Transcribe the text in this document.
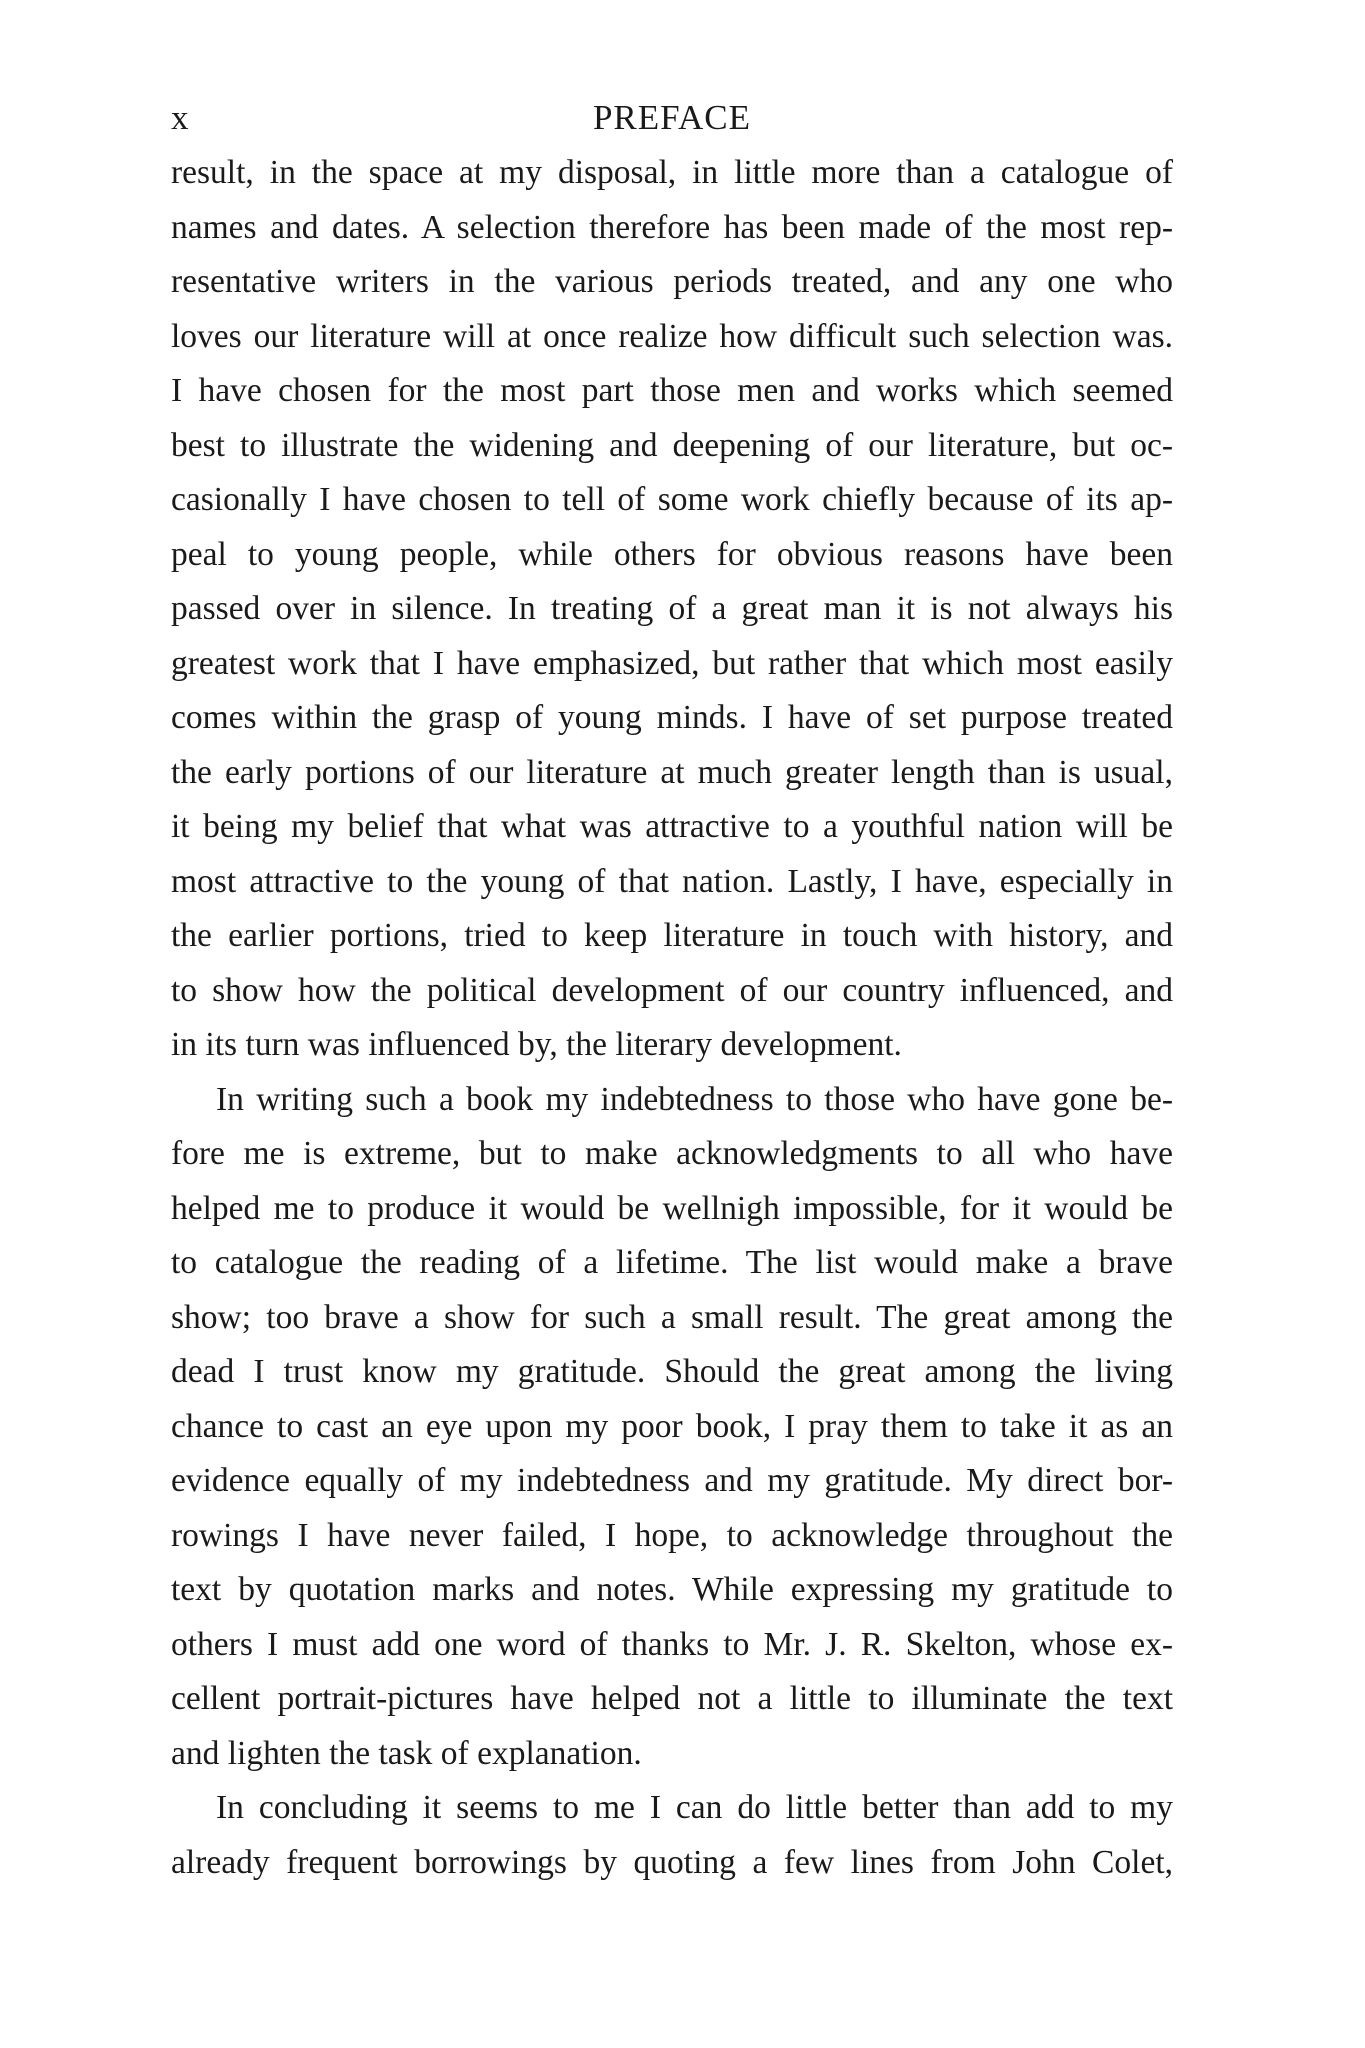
x	PREFACE

result, in the space at my disposal, in little more than a catalogue of
names and dates. A selection therefore has been made of the most rep-
resentative writers in the various periods treated, and any one who
loves our literature will at once realize how difficult such selection was.
I have chosen for the most part those men and works which seemed
best to illustrate the widening and deepening of our literature, but oc-
casionally I have chosen to tell of some work chiefly because of its ap-
peal to young people, while others for obvious reasons have been
passed over in silence. In treating of a great man it is not always his
greatest work that I have emphasized, but rather that which most easily
comes within the grasp of young minds. I have of set purpose treated
the early portions of our literature at much greater length than is usual,
it being my belief that what was attractive to a youthful nation will be
most attractive to the young of that nation. Lastly, I have, especially in
the earlier portions, tried to keep literature in touch with history, and
to show how the political development of our country influenced, and
in its turn was influenced by, the literary development.

In writing such a book my indebtedness to those who have gone be-
fore me is extreme, but to make acknowledgments to all who have
helped me to produce it would be wellnigh impossible, for it would be
to catalogue the reading of a lifetime. The list would make a brave
show; too brave a show for such a small result. The great among the
dead I trust know my gratitude. Should the great among the living
chance to cast an eye upon my poor book, I pray them to take it as an
evidence equally of my indebtedness and my gratitude. My direct bor-
rowings I have never failed, I hope, to acknowledge throughout the
text by quotation marks and notes. While expressing my gratitude to
others I must add one word of thanks to Mr. J. R. Skelton, whose ex-
cellent portrait-pictures have helped not a little to illuminate the text
and lighten the task of explanation.

In concluding it seems to me I can do little better than add to my
already frequent borrowings by quoting a few lines from John Colet,
